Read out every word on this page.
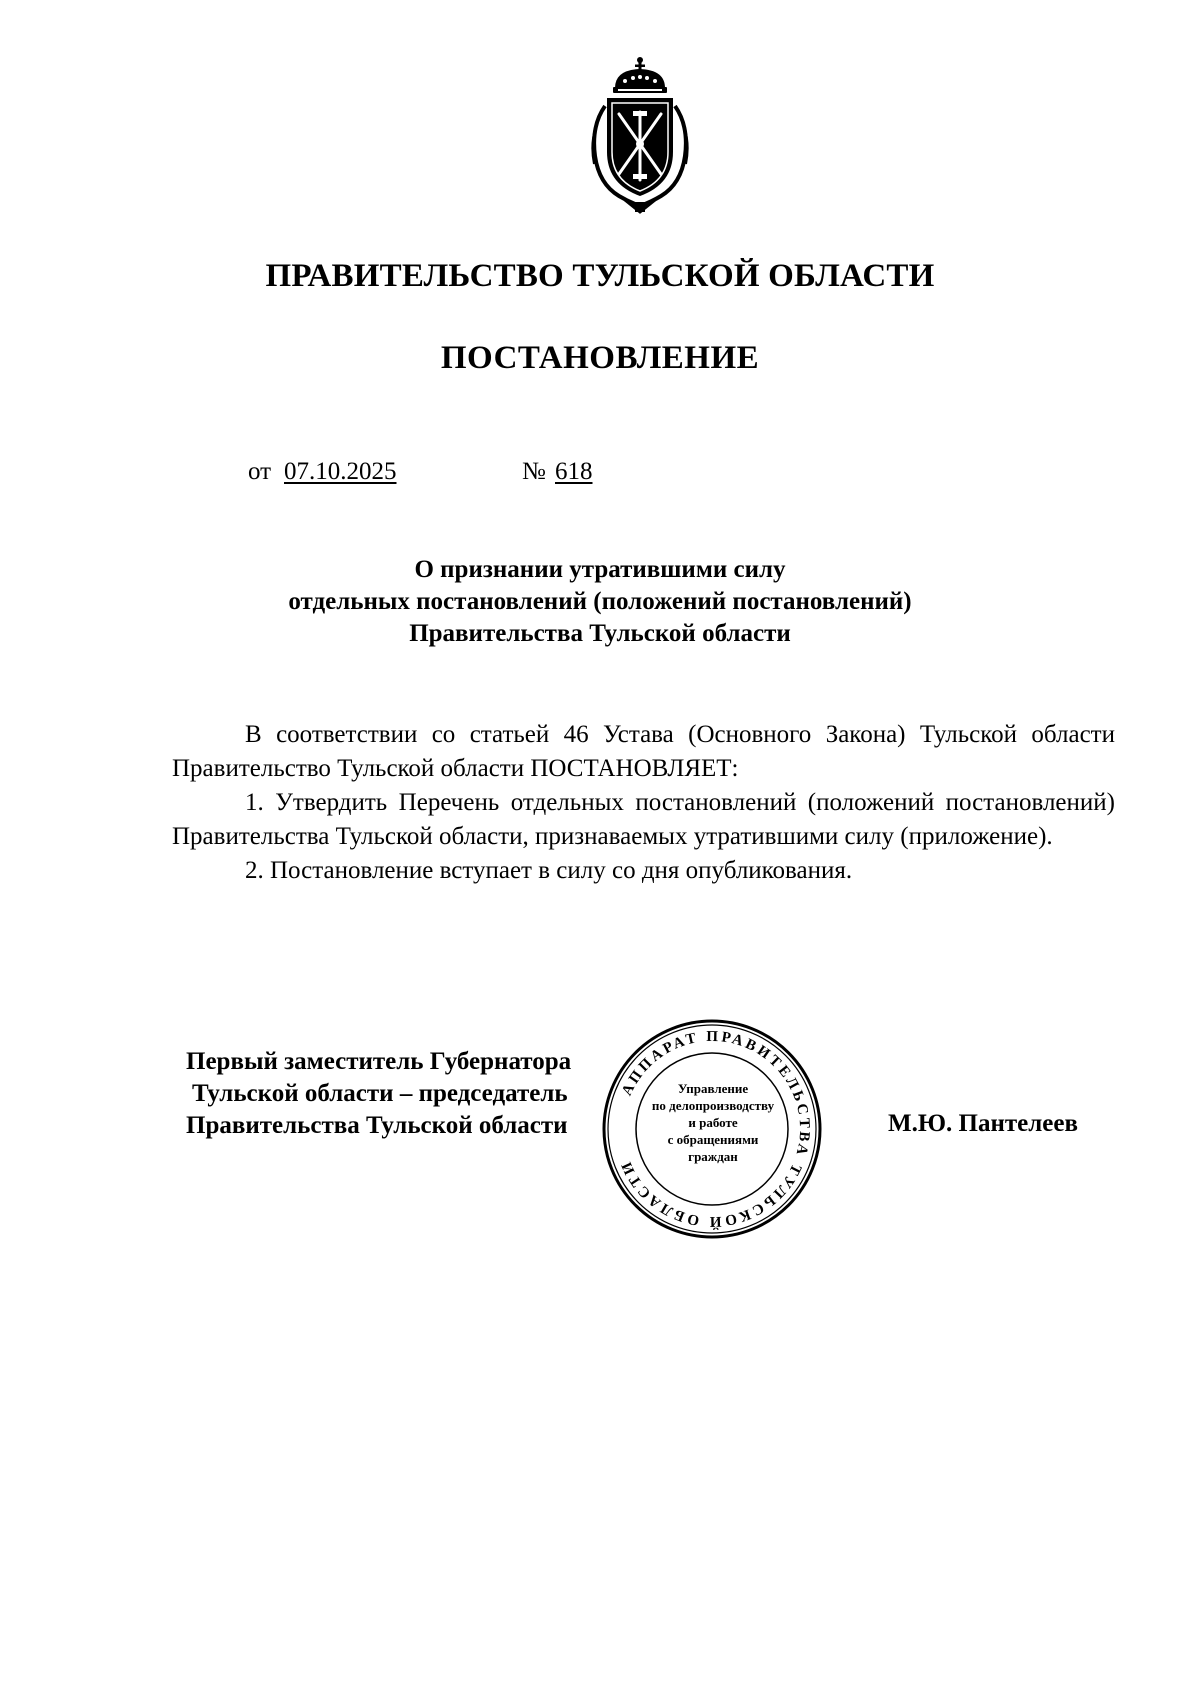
ПРАВИТЕЛЬСТВО ТУЛЬСКОЙ ОБЛАСТИ
ПОСТАНОВЛЕНИЕ
от 07.10.2025	№ 618
О признании утратившими силу
отдельных постановлений (положений постановлений)
Правительства Тульской области

В соответствии со статьей 46 Устава (Основного Закона) Тульской области Правительство Тульской области ПОСТАНОВЛЯЕТ:

1. Утвердить Перечень отдельных постановлений (положений постановлений) Правительства Тульской области, признаваемых утратившими силу (приложение).

2. Постановление вступает в силу со дня опубликования.

АППАРАТ ПРАВИТЕЛЬСТВА ТУЛЬСКОЙ ОБЛАСТИ
Управление
по делопроизводству
и работе
с обращениями
граждан
Первый заместитель Губернатора
Тульской области – председатель
Правительства Тульской области	М.Ю. Пантелеев
